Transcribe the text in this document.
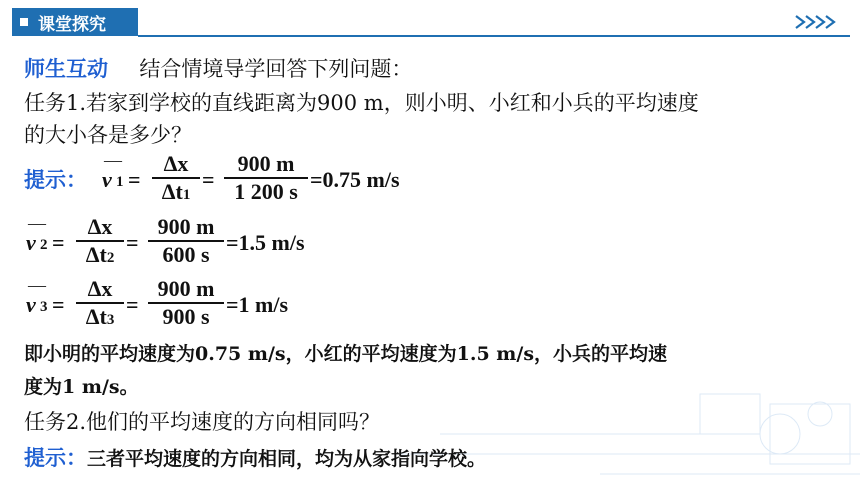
课堂探究
师生互动 结合情境导学回答下列问题：
任务1.若家到学校的直线距离为900 m，则小明、小红和小兵的平均速度
的大小各是多少？
提示：
—
v 1 =
Δx
Δt1
=
900 m
1 200 s =0.75 m/s
—
v 2 =
Δx
Δt2
=
900 m
600 s =1.5 m/s
—
v 3 =
Δx
Δt3
=
900 m
900 s =1 m/s
即小明的平均速度为0.75 m/s，小红的平均速度为1.5 m/s，小兵的平均速
度为1 m/s。
任务2.他们的平均速度的方向相同吗？
提示：三者平均速度的方向相同，均为从家指向学校。
